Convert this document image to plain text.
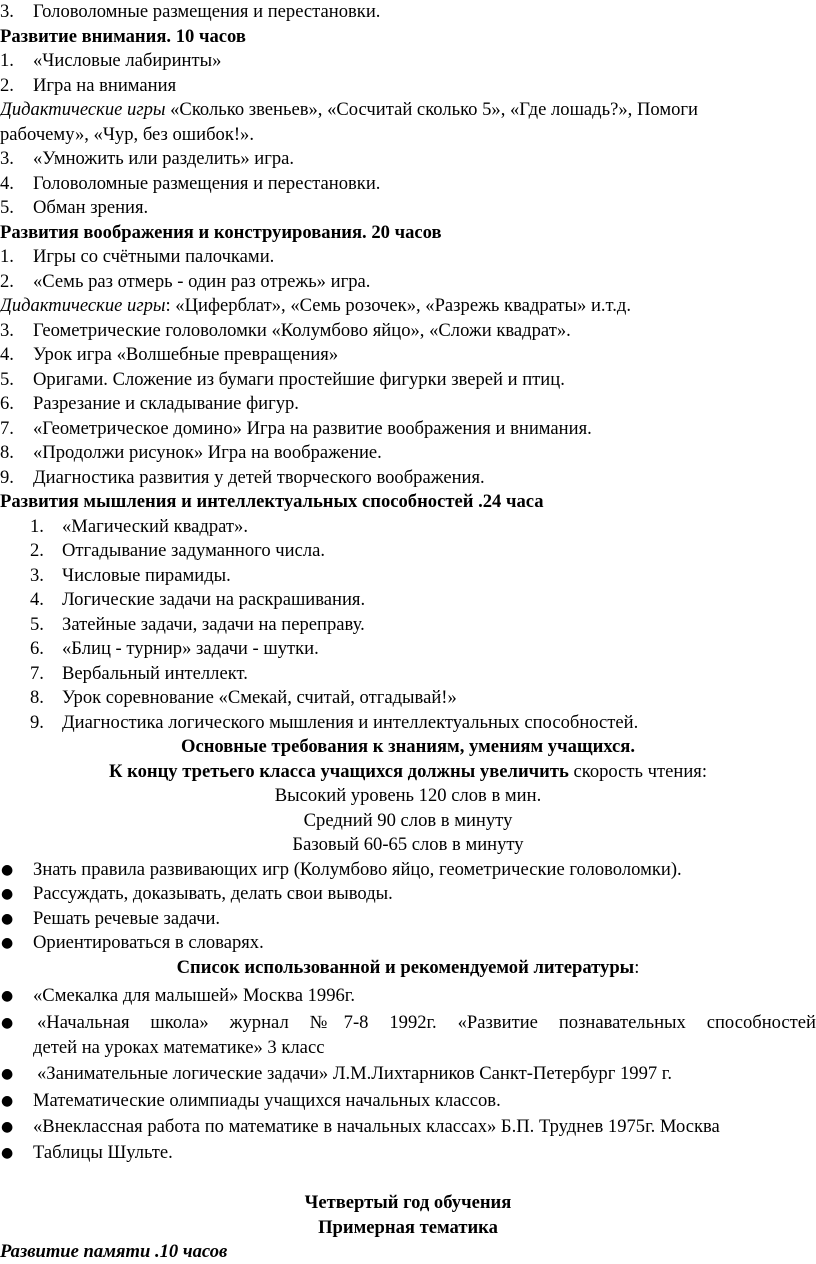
3.	Головоломные размещения и перестановки.
Развитие внимания. 10 часов
1.	«Числовые лабиринты»
2.	Игра на внимания
Дидактические игры «Сколько звеньев», «Сосчитай сколько 5», «Где лошадь?», Помоги
рабочему», «Чур, без ошибок!».
3.	«Умножить или разделить» игра.
4.	Головоломные размещения и перестановки.
5.	Обман зрения.
Развития воображения и конструирования. 20 часов
1.	Игры со счётными палочками.
2.	«Семь раз отмерь - один раз отрежь» игра.
Дидактические игры: «Циферблат», «Семь розочек», «Разрежь квадраты» и.т.д.
3.	Геометрические головоломки «Колумбово яйцо», «Сложи квадрат».
4.	Урок игра «Волшебные превращения»
5.	Оригами. Сложение из бумаги простейшие фигурки зверей и птиц.
6.	Разрезание и складывание фигур.
7.	«Геометрическое домино» Игра на развитие воображения и внимания.
8.	«Продолжи рисунок» Игра на воображение.
9.	Диагностика развития у детей творческого воображения.
Развития мышления и интеллектуальных способностей .24 часа
1. «Магический квадрат».
2. Отгадывание задуманного числа.
3. Числовые пирамиды.
4. Логические задачи на раскрашивания.
5. Затейные задачи, задачи на переправу.
6. «Блиц - турнир» задачи - шутки.
7. Вербальный интеллект.
8. Урок соревнование «Смекай, считай, отгадывай!»
9. Диагностика логического мышления и интеллектуальных способностей.
Основные требования к знаниям, умениям учащихся.
К концу третьего класса учащихся должны увеличить скорость чтения:
Высокий уровень 120 слов в мин.
Средний 90 слов в минуту
Базовый 60-65 слов в минуту
● Знать правила развивающих игр (Колумбово яйцо, геометрические головоломки).
● Рассуждать, доказывать, делать свои выводы.
● Решать речевые задачи.
● Ориентироваться в словарях.
Список использованной и рекомендуемой литературы:
● «Смекалка для малышей» Москва 1996г.
● «Начальная школа» журнал №7-8 1992г. «Развитие познавательных способностей
детей на уроках математике» 3 класс
● «Занимательные логические задачи» Л.М.Лихтарников Санкт-Петербург 1997 г.
● Математические олимпиады учащихся начальных классов.
● «Внеклассная работа по математике в начальных классах» Б.П. Труднев 1975г. Москва
● Таблицы Шульте.
Четвертый год обучения
Примерная тематика
Развитие памяти .10 часов
